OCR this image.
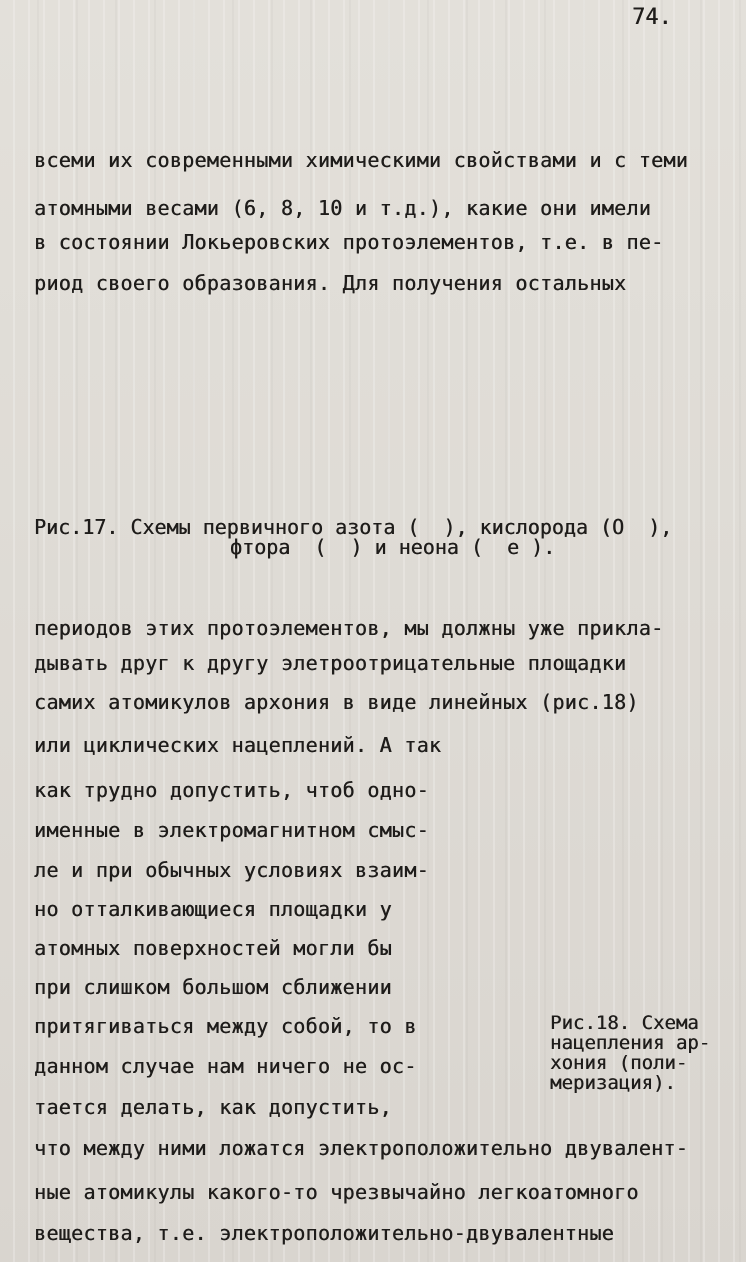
74.
всеми их современными химическими свойствами и с теми
атомными весами (6, 8, 10 и т.д.), какие они имели
в состоянии Локьеровских протоэлементов, т.е. в пе-
риод своего образования. Для получения остальных
Рис.17. Схемы первичного азота (  ), кислорода (O  ),
фтора  (  ) и неона (  e ).
периодов этих протоэлементов, мы должны уже прикла-
дывать друг к другу элетроотрицательные площадки
самих атомикулов архония в виде линейных (рис.18)
или циклических нацеплений. А так
как трудно допустить, чтоб одно-
именные в электромагнитном смыс-
ле и при обычных условиях взаим-
но отталкивающиеся площадки у
атомных поверхностей могли бы
при слишком большом сближении
притягиваться между собой, то в
данном случае нам ничего не ос-
тается делать, как допустить,
что между ними ложатся электроположительно двувалент-
ные атомикулы какого-то чрезвычайно легкоатомного
вещества, т.е. электроположительно-двувалентные
Рис.18. Схема
нацепления ар-
хония (поли-
меризация).
